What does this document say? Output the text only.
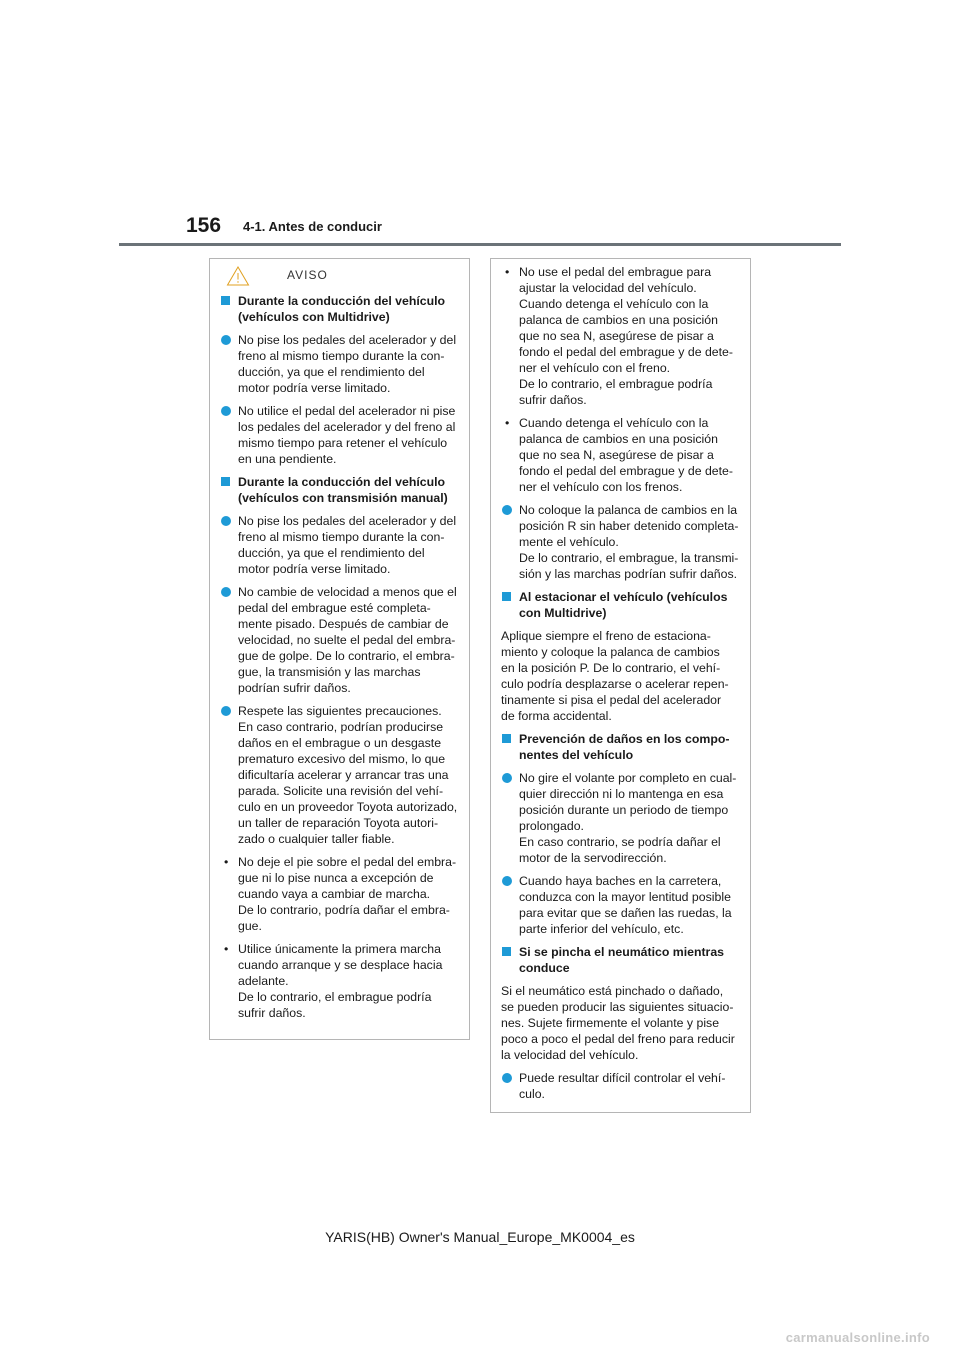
156 4-1. Antes de conducir
AVISO
Durante la conducción del vehículo
(vehículos con Multidrive)
No pise los pedales del acelerador y del
freno al mismo tiempo durante la con-
ducción, ya que el rendimiento del
motor podría verse limitado.
No utilice el pedal del acelerador ni pise
los pedales del acelerador y del freno al
mismo tiempo para retener el vehículo
en una pendiente.
Durante la conducción del vehículo
(vehículos con transmisión manual)
No pise los pedales del acelerador y del
freno al mismo tiempo durante la con-
ducción, ya que el rendimiento del
motor podría verse limitado.
No cambie de velocidad a menos que el
pedal del embrague esté completa-
mente pisado. Después de cambiar de
velocidad, no suelte el pedal del embra-
gue de golpe. De lo contrario, el embra-
gue, la transmisión y las marchas
podrían sufrir daños.
Respete las siguientes precauciones.
En caso contrario, podrían producirse
daños en el embrague o un desgaste
prematuro excesivo del mismo, lo que
dificultaría acelerar y arrancar tras una
parada. Solicite una revisión del vehí-
culo en un proveedor Toyota autorizado,
un taller de reparación Toyota autori-
zado o cualquier taller fiable.
• No deje el pie sobre el pedal del embra-
gue ni lo pise nunca a excepción de
cuando vaya a cambiar de marcha.
De lo contrario, podría dañar el embra-
gue.
• Utilice únicamente la primera marcha
cuando arranque y se desplace hacia
adelante.
De lo contrario, el embrague podría
sufrir daños.
• No use el pedal del embrague para
ajustar la velocidad del vehículo.
Cuando detenga el vehículo con la
palanca de cambios en una posición
que no sea N, asegúrese de pisar a
fondo el pedal del embrague y de dete-
ner el vehículo con el freno.
De lo contrario, el embrague podría
sufrir daños.
• Cuando detenga el vehículo con la
palanca de cambios en una posición
que no sea N, asegúrese de pisar a
fondo el pedal del embrague y de dete-
ner el vehículo con los frenos.
No coloque la palanca de cambios en la
posición R sin haber detenido completa-
mente el vehículo.
De lo contrario, el embrague, la transmi-
sión y las marchas podrían sufrir daños.
Al estacionar el vehículo (vehículos
con Multidrive)
Aplique siempre el freno de estaciona-
miento y coloque la palanca de cambios
en la posición P. De lo contrario, el vehí-
culo podría desplazarse o acelerar repen-
tinamente si pisa el pedal del acelerador
de forma accidental.
Prevención de daños en los compo-
nentes del vehículo
No gire el volante por completo en cual-
quier dirección ni lo mantenga en esa
posición durante un periodo de tiempo
prolongado.
En caso contrario, se podría dañar el
motor de la servodirección.
Cuando haya baches en la carretera,
conduzca con la mayor lentitud posible
para evitar que se dañen las ruedas, la
parte inferior del vehículo, etc.
Si se pincha el neumático mientras
conduce
Si el neumático está pinchado o dañado,
se pueden producir las siguientes situacio-
nes. Sujete firmemente el volante y pise
poco a poco el pedal del freno para reducir
la velocidad del vehículo.
Puede resultar difícil controlar el vehí-
culo.
YARIS(HB) Owner's Manual_Europe_MK0004_es
carmanualsonline.info
